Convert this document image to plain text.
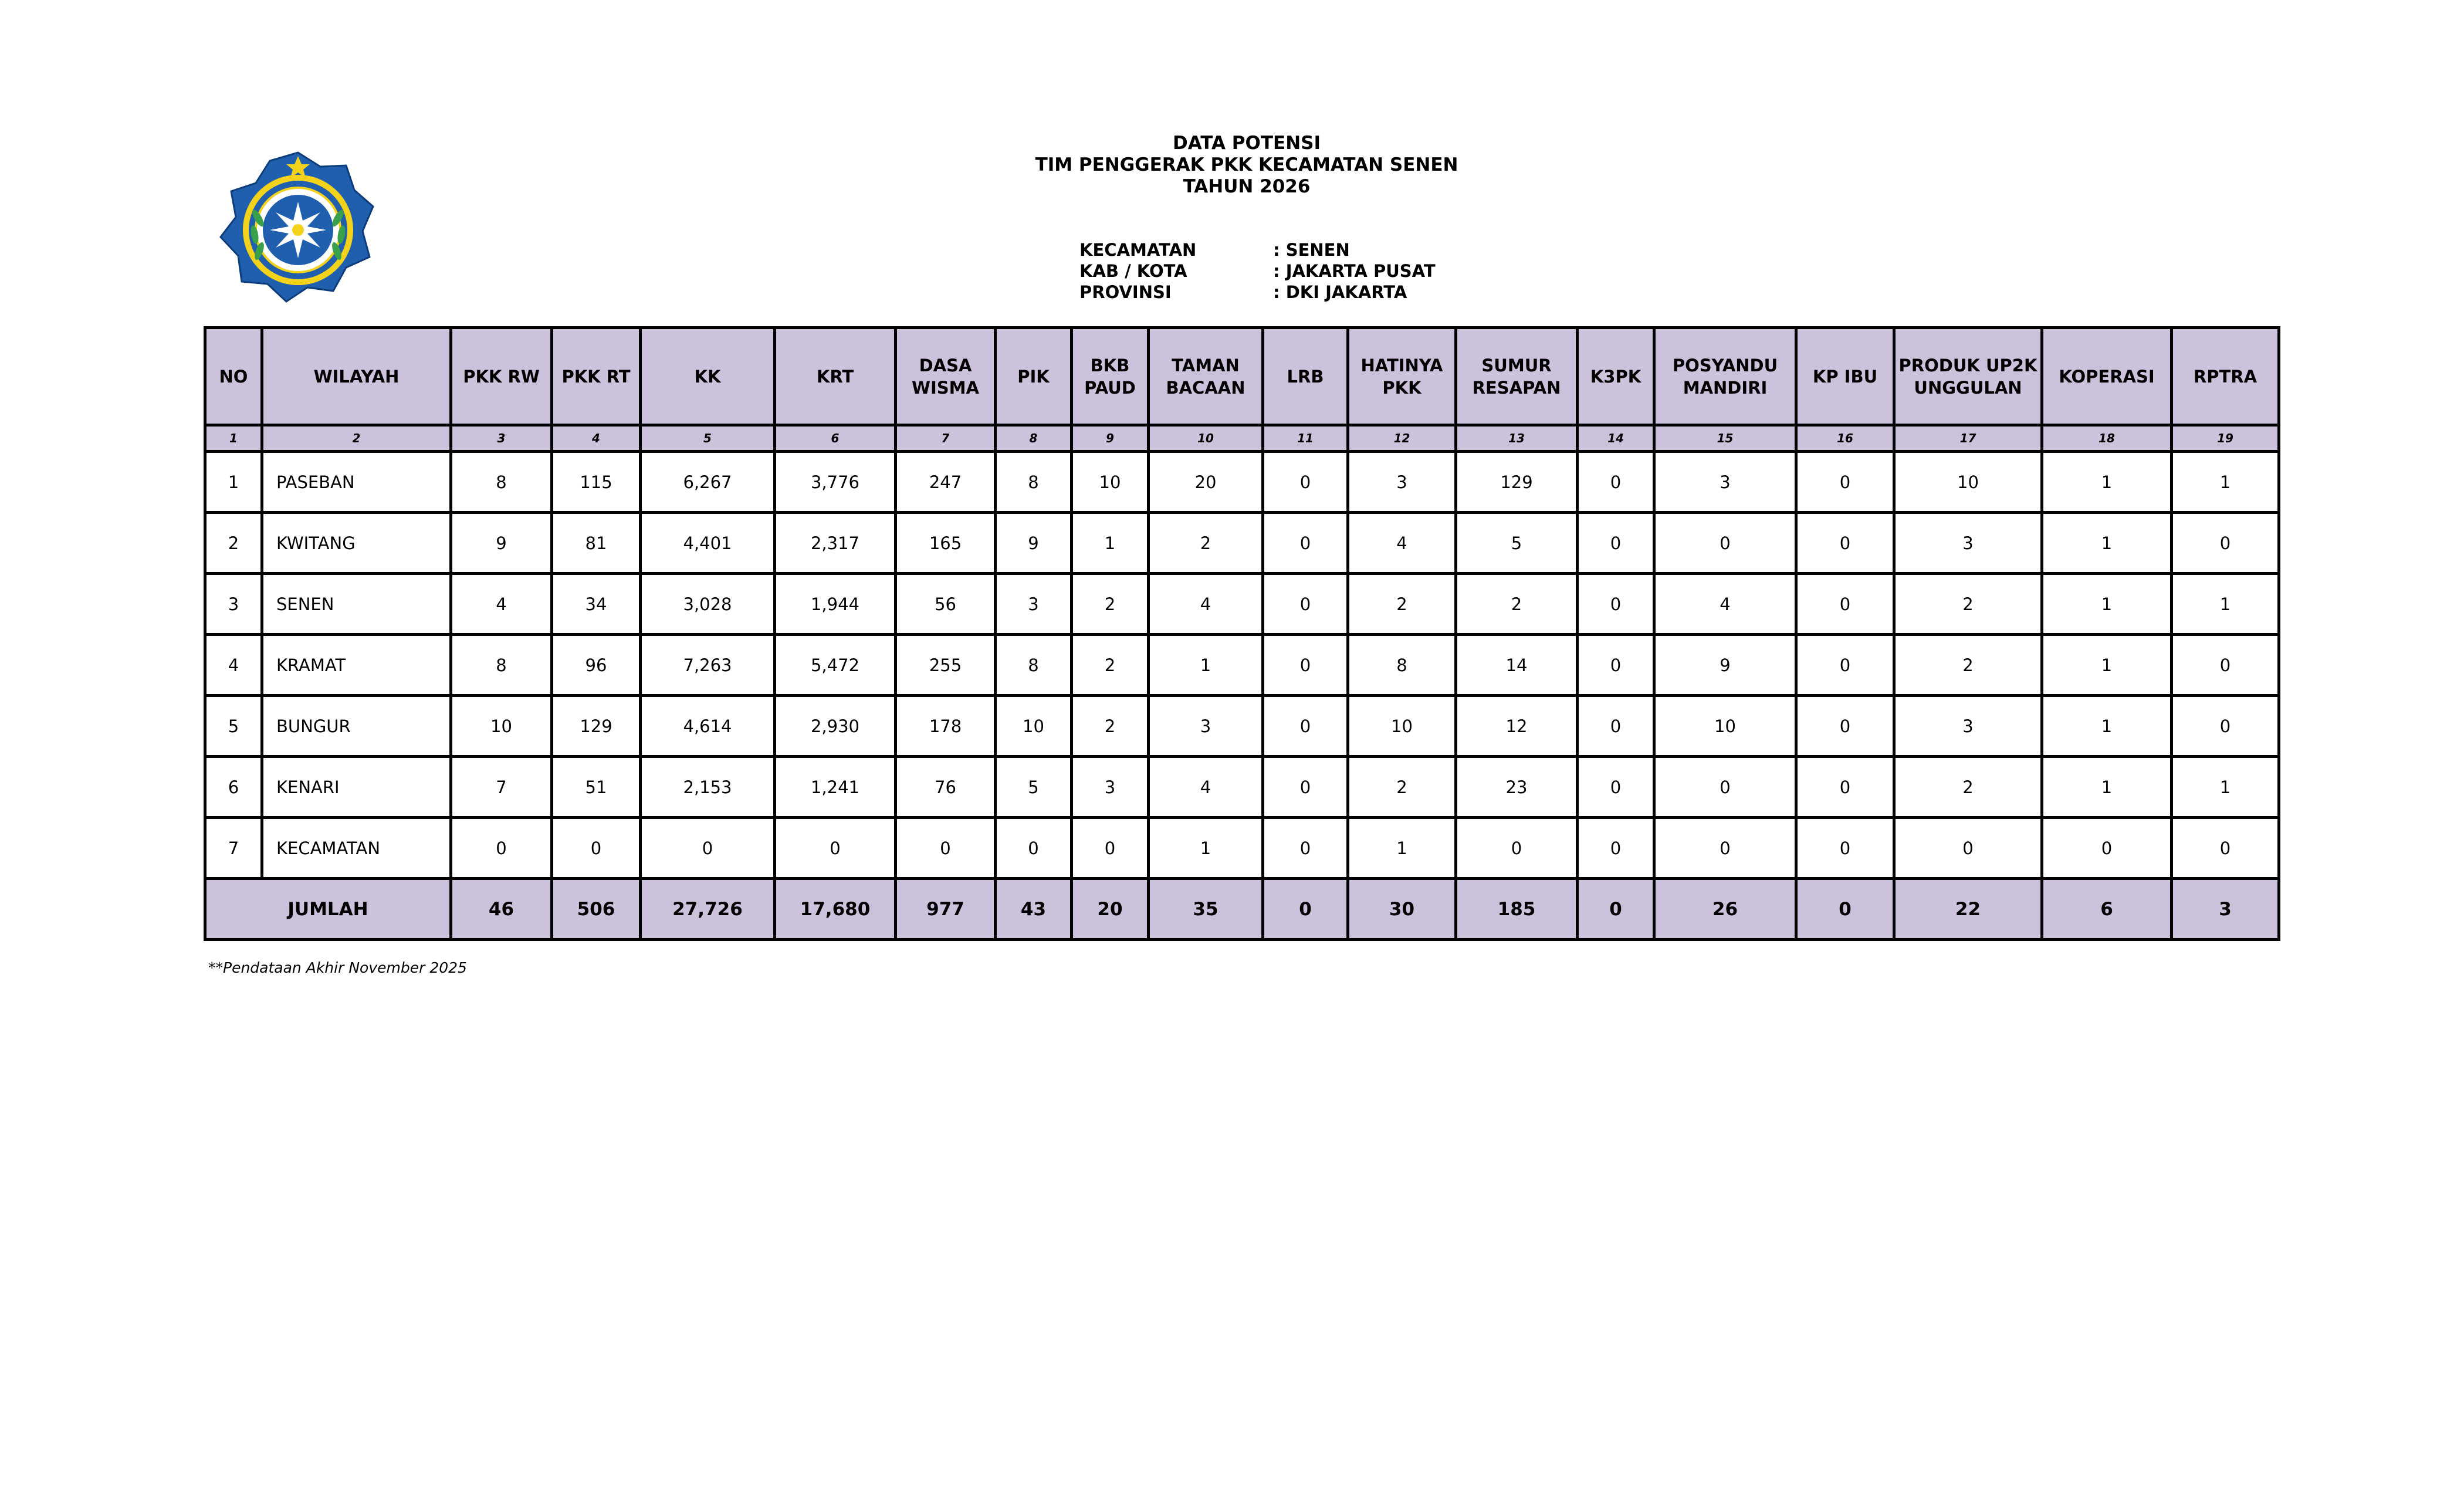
DATA POTENSI
TIM PENGGERAK PKK KECAMATAN SENEN
TAHUN 2026
KECAMATAN	: SENEN
KAB / KOTA	: JAKARTA PUSAT
PROVINSI	: DKI JAKARTA
NO	WILAYAH	PKK RW	PKK RT	KK	KRT	DASA WISMA	PIK	BKB PAUD	TAMAN BACAAN	LRB	HATINYA PKK	SUMUR RESAPAN	K3PK	POSYANDU MANDIRI	KP IBU	PRODUK UP2K UNGGULAN	KOPERASI	RPTRA
1	2	3	4	5	6	7	8	9	10	11	12	13	14	15	16	17	18	19
1	PASEBAN	8	115	6,267	3,776	247	8	10	20	0	3	129	0	3	0	10	1	1
2	KWITANG	9	81	4,401	2,317	165	9	1	2	0	4	5	0	0	0	3	1	0
3	SENEN	4	34	3,028	1,944	56	3	2	4	0	2	2	0	4	0	2	1	1
4	KRAMAT	8	96	7,263	5,472	255	8	2	1	0	8	14	0	9	0	2	1	0
5	BUNGUR	10	129	4,614	2,930	178	10	2	3	0	10	12	0	10	0	3	1	0
6	KENARI	7	51	2,153	1,241	76	5	3	4	0	2	23	0	0	0	2	1	1
7	KECAMATAN	0	0	0	0	0	0	0	1	0	1	0	0	0	0	0	0	0
JUMLAH		46	506	27,726	17,680	977	43	20	35	0	30	185	0	26	0	22	6	3
**Pendataan Akhir November 2025
